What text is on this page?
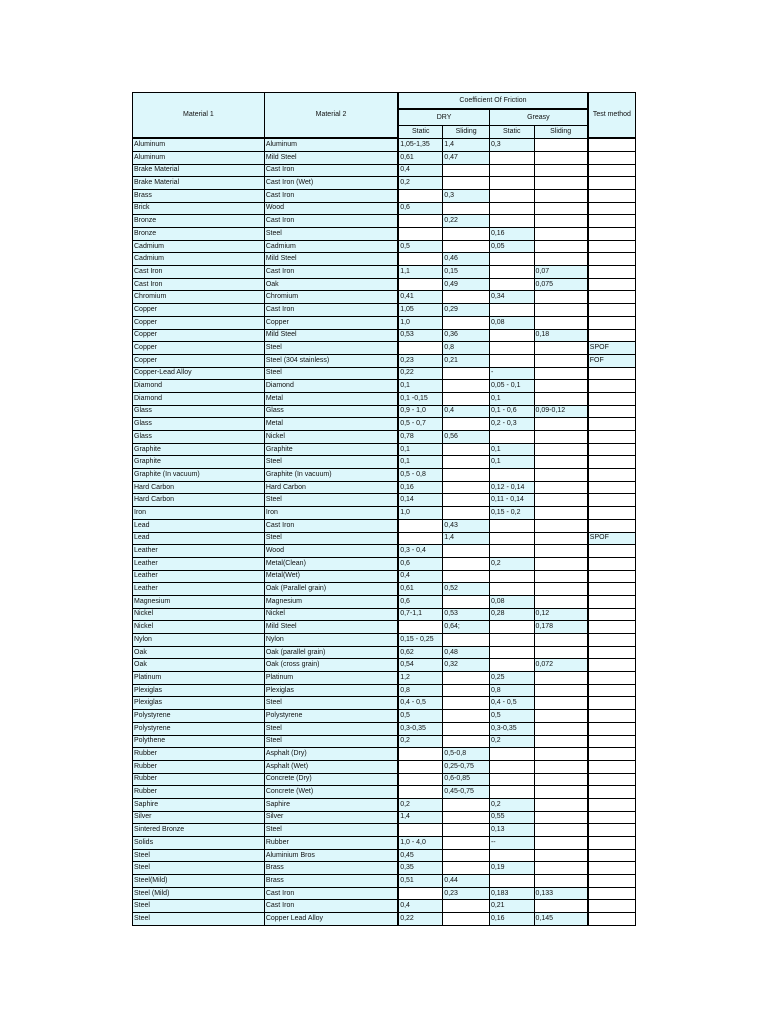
Material 1	Material 2	Coefficient Of Friction				Test method
		DRY		Greasy		
		Static	Sliding	Static	Sliding	
Aluminum	Aluminum	1,05-1,35	1,4	0,3		
Aluminum	Mild Steel	0,61	0,47			
Brake Material	Cast Iron	0,4				
Brake Material	Cast Iron (Wet)	0,2				
Brass	Cast Iron		0,3			
Brick	Wood	0,6				
Bronze	Cast Iron		0,22			
Bronze	Steel			0,16		
Cadmium	Cadmium	0,5		0,05		
Cadmium	Mild Steel		0,46			
Cast Iron	Cast Iron	1,1	0,15		0,07	
Cast Iron	Oak		0,49		0,075	
Chromium	Chromium	0,41		0,34		
Copper	Cast Iron	1,05	0,29			
Copper	Copper	1,0		0,08		
Copper	Mild Steel	0,53	0,36		0,18	
Copper	Steel		0,8			SPOF
Copper	Steel (304 stainless)	0,23	0,21			FOF
Copper-Lead Alloy	Steel	0,22		-		
Diamond	Diamond	0,1		0,05 - 0,1		
Diamond	Metal	0,1 -0,15		0,1		
Glass	Glass	0,9 - 1,0	0,4	0,1 - 0,6	0,09-0,12	
Glass	Metal	0,5 - 0,7		0,2 - 0,3		
Glass	Nickel	0,78	0,56			
Graphite	Graphite	0,1		0,1		
Graphite	Steel	0,1		0,1		
Graphite (In vacuum)	Graphite (In vacuum)	0,5 - 0,8				
Hard Carbon	Hard Carbon	0,16		0,12 - 0,14		
Hard Carbon	Steel	0,14		0,11 - 0,14		
Iron	Iron	1,0		0,15 - 0,2		
Lead	Cast Iron		0,43			
Lead	Steel		1,4			SPOF
Leather	Wood	0,3 - 0,4				
Leather	Metal(Clean)	0,6		0,2		
Leather	Metal(Wet)	0,4				
Leather	Oak (Parallel grain)	0,61	0,52			
Magnesium	Magnesium	0,6		0,08		
Nickel	Nickel	0,7-1,1	0,53	0,28	0,12	
Nickel	Mild Steel		0,64;		0,178	
Nylon	Nylon	0,15 - 0,25				
Oak	Oak (parallel grain)	0,62	0,48			
Oak	Oak (cross grain)	0,54	0,32		0,072	
Platinum	Platinum	1,2		0,25		
Plexiglas	Plexiglas	0,8		0,8		
Plexiglas	Steel	0,4 - 0,5		0,4 - 0,5		
Polystyrene	Polystyrene	0,5		0,5		
Polystyrene	Steel	0,3-0,35		0,3-0,35		
Polythene	Steel	0,2		0,2		
Rubber	Asphalt (Dry)		0,5-0,8			
Rubber	Asphalt (Wet)		0,25-0,75			
Rubber	Concrete (Dry)		0,6-0,85			
Rubber	Concrete (Wet)		0,45-0,75			
Saphire	Saphire	0,2		0,2		
Silver	Silver	1,4		0,55		
Sintered Bronze	Steel			0,13		
Solids	Rubber	1,0 - 4,0		--		
Steel	Aluminium Bros	0,45				
Steel	Brass	0,35		0,19		
Steel(Mild)	Brass	0,51	0,44			
Steel (Mild)	Cast Iron		0,23	0,183	0,133	
Steel	Cast Iron	0,4		0,21		
Steel	Copper Lead Alloy	0,22		0,16	0,145	
